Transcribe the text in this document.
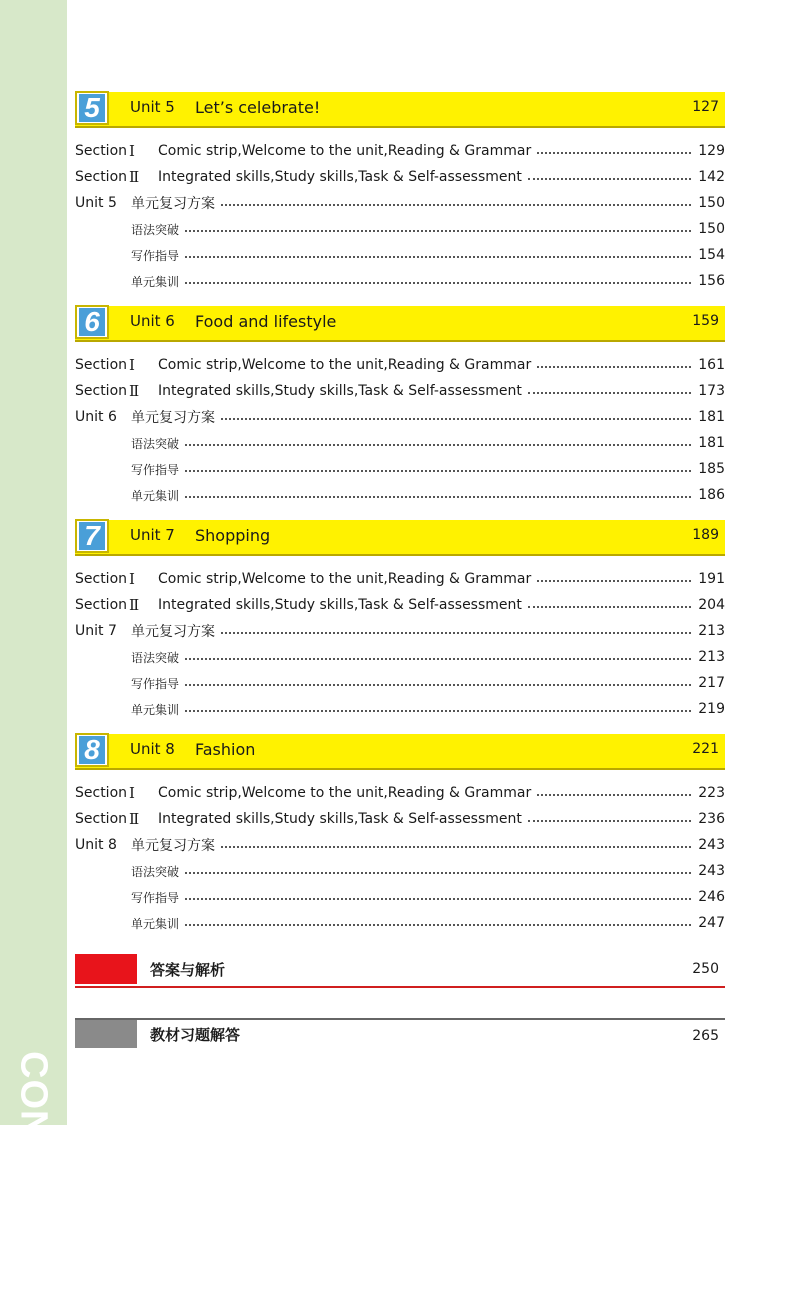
CONTENTS 2
5	Unit 5 Let’s celebrate!	127
Section Ⅰ	Comic strip,Welcome to the unit,Reading & Grammar	129
Section Ⅱ	Integrated skills,Study skills,Task & Self-assessment	142
Unit 5	单元复习方案	150
语法突破	150
写作指导	154
单元集训	156
6	Unit 6 Food and lifestyle	159
Section Ⅰ	Comic strip,Welcome to the unit,Reading & Grammar	161
Section Ⅱ	Integrated skills,Study skills,Task & Self-assessment	173
Unit 6	单元复习方案	181
语法突破	181
写作指导	185
单元集训	186
7	Unit 7 Shopping	189
Section Ⅰ	Comic strip,Welcome to the unit,Reading & Grammar	191
Section Ⅱ	Integrated skills,Study skills,Task & Self-assessment	204
Unit 7	单元复习方案	213
语法突破	213
写作指导	217
单元集训	219
8	Unit 8 Fashion	221
Section Ⅰ	Comic strip,Welcome to the unit,Reading & Grammar	223
Section Ⅱ	Integrated skills,Study skills,Task & Self-assessment	236
Unit 8	单元复习方案	243
语法突破	243
写作指导	246
单元集训	247
答案与解析	250
教材习题解答	265
